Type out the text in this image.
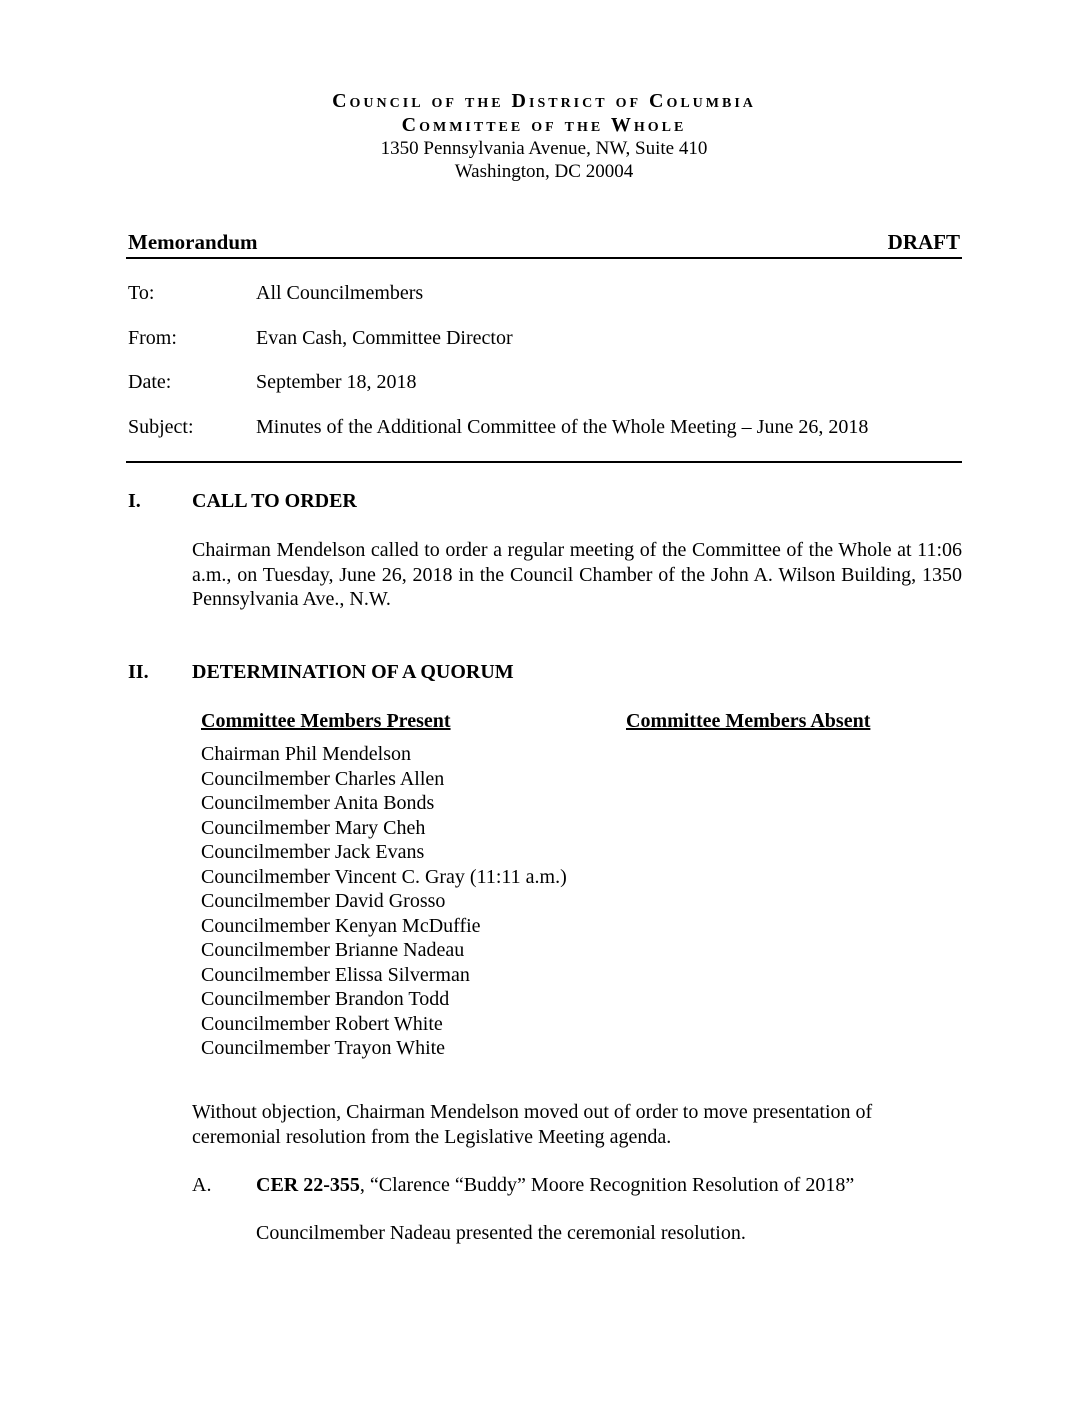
Council of the District of Columbia
Committee of the Whole
1350 Pennsylvania Avenue, NW, Suite 410
Washington, DC 20004
Memorandum	DRAFT
To:	All Councilmembers
From:	Evan Cash, Committee Director
Date:	September 18, 2018
Subject:	Minutes of the Additional Committee of the Whole Meeting – June 26, 2018
I.	CALL TO ORDER
Chairman Mendelson called to order a regular meeting of the Committee of the Whole at 11:06 a.m., on Tuesday, June 26, 2018 in the Council Chamber of the John A. Wilson Building, 1350 Pennsylvania Ave., N.W.
II. DETERMINATION OF A QUORUM
Committee Members Present	Committee Members Absent
Chairman Phil Mendelson
Councilmember Charles Allen
Councilmember Anita Bonds
Councilmember Mary Cheh
Councilmember Jack Evans
Councilmember Vincent C. Gray (11:11 a.m.)
Councilmember David Grosso
Councilmember Kenyan McDuffie
Councilmember Brianne Nadeau
Councilmember Elissa Silverman
Councilmember Brandon Todd
Councilmember Robert White
Councilmember Trayon White
Without objection, Chairman Mendelson moved out of order to move presentation of ceremonial resolution from the Legislative Meeting agenda.
A. CER 22-355, “Clarence “Buddy” Moore Recognition Resolution of 2018”
Councilmember Nadeau presented the ceremonial resolution.
